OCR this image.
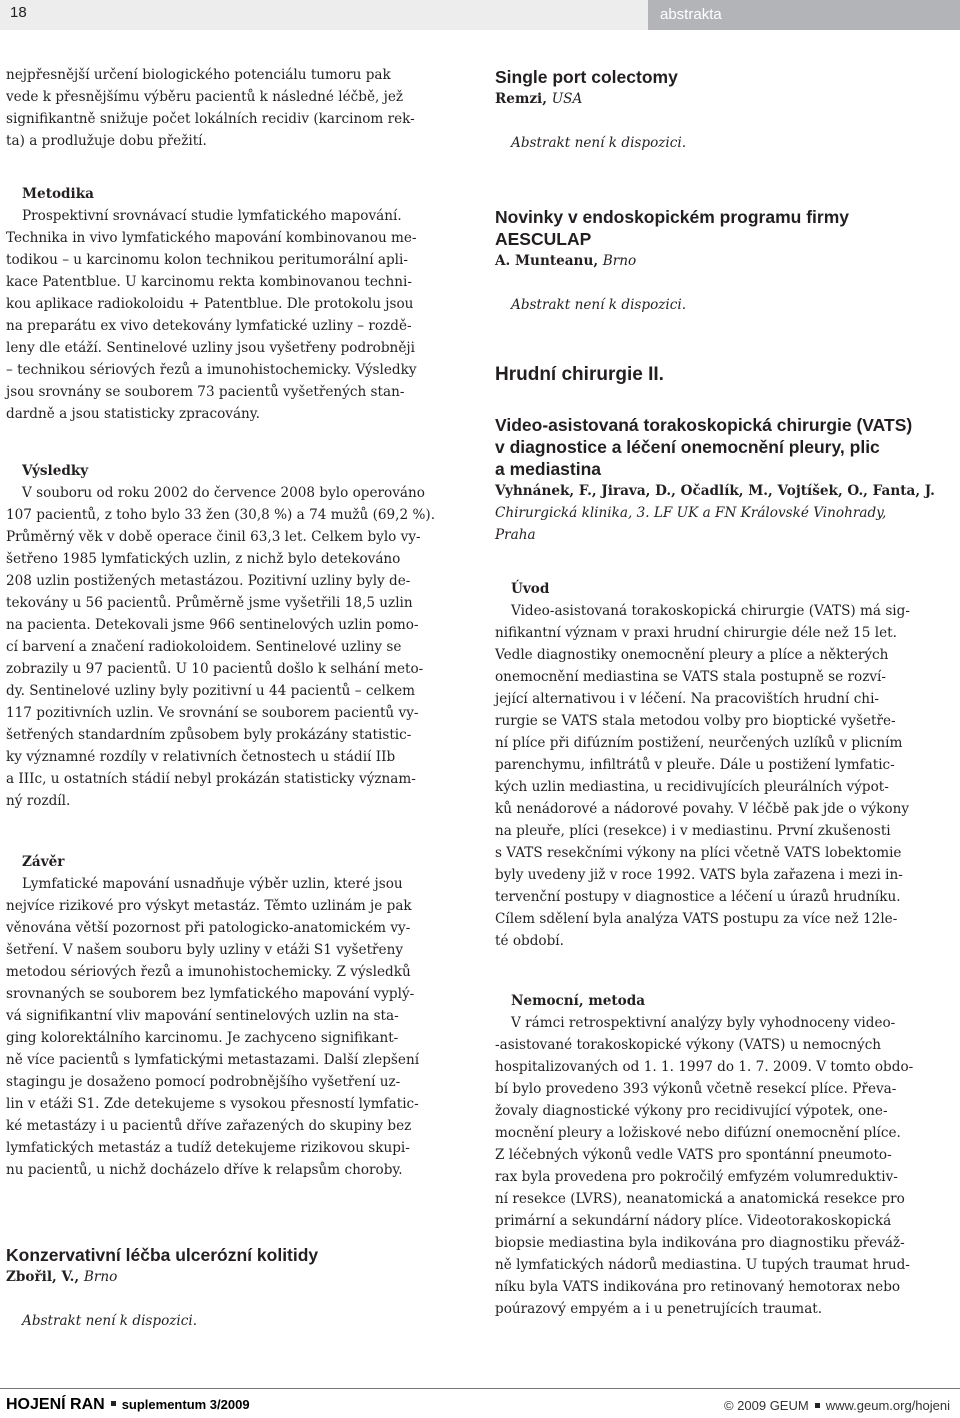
18	abstrakta

nejpřesnější určení biologického potenciálu tumoru pak

vede k přesnějšímu výběru pacientů k následné léčbě, jež

signifikantně snižuje počet lokálních recidiv (karcinom rek-

ta) a prodlužuje dobu přežití.

Metodika

Prospektivní srovnávací studie lymfatického mapování.

Technika in vivo lymfatického mapování kombinovanou me-

todikou – u karcinomu kolon technikou peritumorální apli-

kace Patentblue. U karcinomu rekta kombinovanou techni-

kou aplikace radiokoloidu + Patentblue. Dle protokolu jsou

na preparátu ex vivo detekovány lymfatické uzliny – rozdě-

leny dle etáží. Sentinelové uzliny jsou vyšetřeny podrobněji

– technikou sériových řezů a imunohistochemicky. Výsledky

jsou srovnány se souborem 73 pacientů vyšetřených stan-

dardně a jsou statisticky zpracovány.

Výsledky

V souboru od roku 2002 do července 2008 bylo operováno

107 pacientů, z toho bylo 33 žen (30,8 %) a 74 mužů (69,2 %).

Průměrný věk v době operace činil 63,3 let. Celkem bylo vy-

šetřeno 1985 lymfatických uzlin, z nichž bylo detekováno

208 uzlin postižených metastázou. Pozitivní uzliny byly de-

tekovány u 56 pacientů. Průměrně jsme vyšetřili 18,5 uzlin

na pacienta. Detekovali jsme 966 sentinelových uzlin pomo-

cí barvení a značení radiokoloidem. Sentinelové uzliny se

zobrazily u 97 pacientů. U 10 pacientů došlo k selhání meto-

dy. Sentinelové uzliny byly pozitivní u 44 pacientů – celkem

117 pozitivních uzlin. Ve srovnání se souborem pacientů vy-

šetřených standardním způsobem byly prokázány statistic-

ky významné rozdíly v relativních četnostech u stádií IIb

a IIIc, u ostatních stádií nebyl prokázán statisticky význam-

ný rozdíl.

Závěr

Lymfatické mapování usnadňuje výběr uzlin, které jsou

nejvíce rizikové pro výskyt metastáz. Těmto uzlinám je pak

věnována větší pozornost při patologicko-anatomickém vy-

šetření. V našem souboru byly uzliny v etáži S1 vyšetřeny

metodou sériových řezů a imunohistochemicky. Z výsledků

srovnaných se souborem bez lymfatického mapování vyplý-

vá signifikantní vliv mapování sentinelových uzlin na sta-

ging kolorektálního karcinomu. Je zachyceno signifikant-

ně více pacientů s lymfatickými metastazami. Další zlepšení

stagingu je dosaženo pomocí podrobnějšího vyšetření uz-

lin v etáži S1. Zde detekujeme s vysokou přesností lymfatic-

ké metastázy i u pacientů dříve zařazených do skupiny bez

lymfatických metastáz a tudíž detekujeme rizikovou skupi-

nu pacientů, u nichž docházelo dříve k relapsům choroby.

Konzervativní léčba ulcerózní kolitidy

Zbořil, V., Brno

Abstrakt není k dispozici.

Single port colectomy

Remzi, USA

Abstrakt není k dispozici.

Novinky v endoskopickém programu firmy

AESCULAP

A. Munteanu, Brno

Abstrakt není k dispozici.

Hrudní chirurgie II.

Video-asistovaná torakoskopická chirurgie (VATS)

v diagnostice a léčení onemocnění pleury, plic

a mediastina

Vyhnánek, F., Jirava, D., Očadlík, M., Vojtíšek, O., Fanta, J.

Chirurgická klinika, 3. LF UK a FN Královské Vinohrady,

Praha

Úvod

Video-asistovaná torakoskopická chirurgie (VATS) má sig-

nifikantní význam v praxi hrudní chirurgie déle než 15 let.

Vedle diagnostiky onemocnění pleury a plíce a některých

onemocnění mediastina se VATS stala postupně se rozví-

jející alternativou i v léčení. Na pracovištích hrudní chi-

rurgie se VATS stala metodou volby pro bioptické vyšetře-

ní plíce při difúzním postižení, neurčených uzlíků v plicním

parenchymu, infiltrátů v pleuře. Dále u postižení lymfatic-

kých uzlin mediastina, u recidivujících pleurálních výpot-

ků nenádorové a nádorové povahy. V léčbě pak jde o výkony

na pleuře, plíci (resekce) i v mediastinu. První zkušenosti

s VATS resekčními výkony na plíci včetně VATS lobektomie

byly uvedeny již v roce 1992. VATS byla zařazena i mezi in-

tervenční postupy v diagnostice a léčení u úrazů hrudníku.

Cílem sdělení byla analýza VATS postupu za více než 12le-

té období.

Nemocní, metoda

V rámci retrospektivní analýzy byly vyhodnoceny video-

-asistované torakoskopické výkony (VATS) u nemocných

hospitalizovaných od 1. 1. 1997 do 1. 7. 2009. V tomto obdo-

bí bylo provedeno 393 výkonů včetně resekcí plíce. Převa-

žovaly diagnostické výkony pro recidivující výpotek, one-

mocnění pleury a ložiskové nebo difúzní onemocnění plíce.

Z léčebných výkonů vedle VATS pro spontánní pneumoto-

rax byla provedena pro pokročilý emfyzém volumreduktiv-

ní resekce (LVRS), neanatomická a anatomická resekce pro

primární a sekundární nádory plíce. Videotorakoskopická

biopsie mediastina byla indikována pro diagnostiku převáž-

ně lymfatických nádorů mediastina. U tupých traumat hrud-

níku byla VATS indikována pro retinovaný hemotorax nebo

poúrazový empyém a i u penetrujících traumat.

HOJENÍ RAN suplementum 3/2009	© 2009 GEUM www.geum.org/hojeni
